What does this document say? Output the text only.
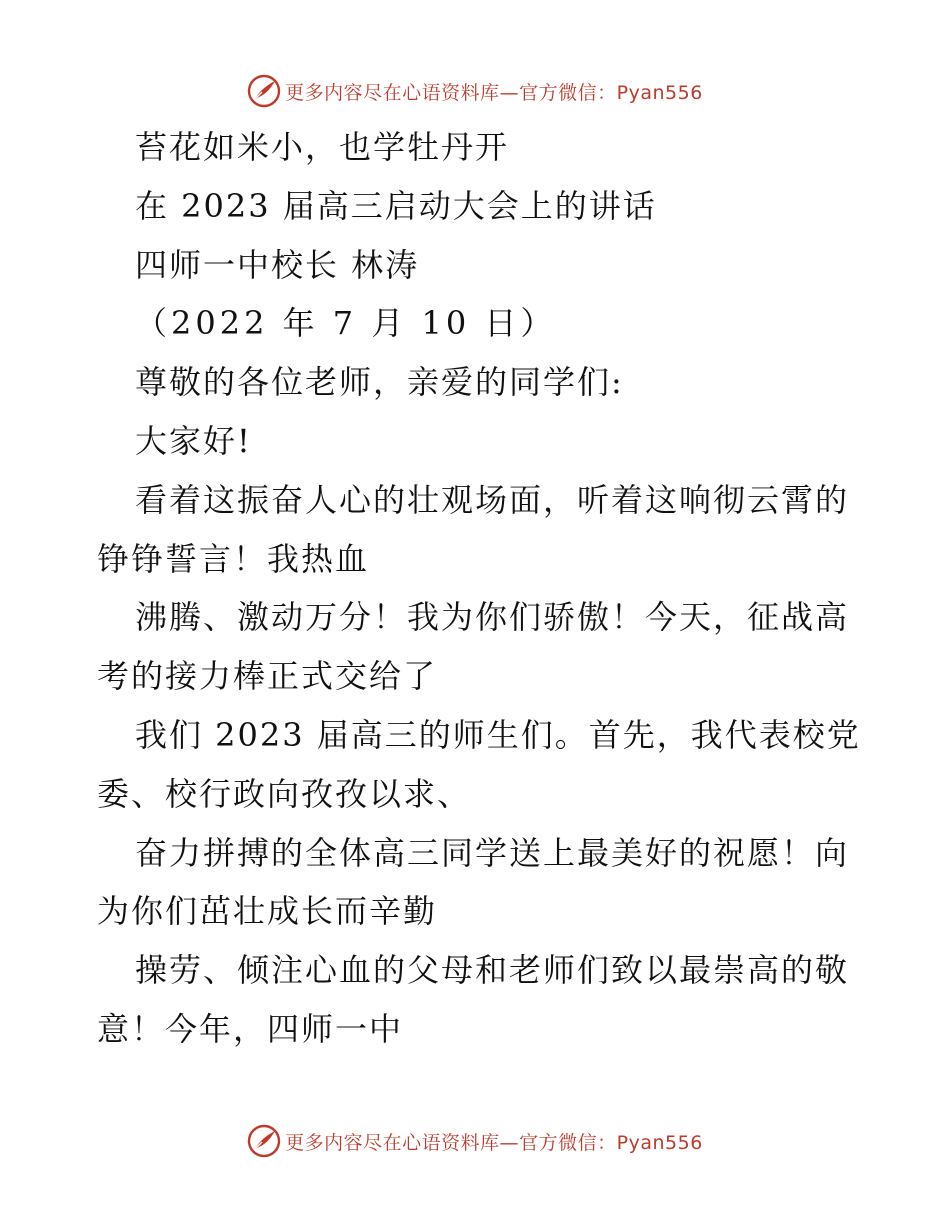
更多内容尽在心语资料库—官方微信：Pyan556
苔花如米小，也学牡丹开
在 2023 届高三启动大会上的讲话
四师一中校长 林涛
（2022 年 7 月 10 日）
尊敬的各位老师，亲爱的同学们:
大家好!
看着这振奋人心的壮观场面，听着这响彻云霄的
铮铮誓言！我热血
沸腾、激动万分！我为你们骄傲！今天，征战高
考的接力棒正式交给了
我们 2023 届高三的师生们。首先，我代表校党
委、校行政向孜孜以求、
奋力拼搏的全体高三同学送上最美好的祝愿！向
为你们茁壮成长而辛勤
操劳、倾注心血的父母和老师们致以最崇高的敬
意！今年，四师一中
更多内容尽在心语资料库—官方微信：Pyan556
